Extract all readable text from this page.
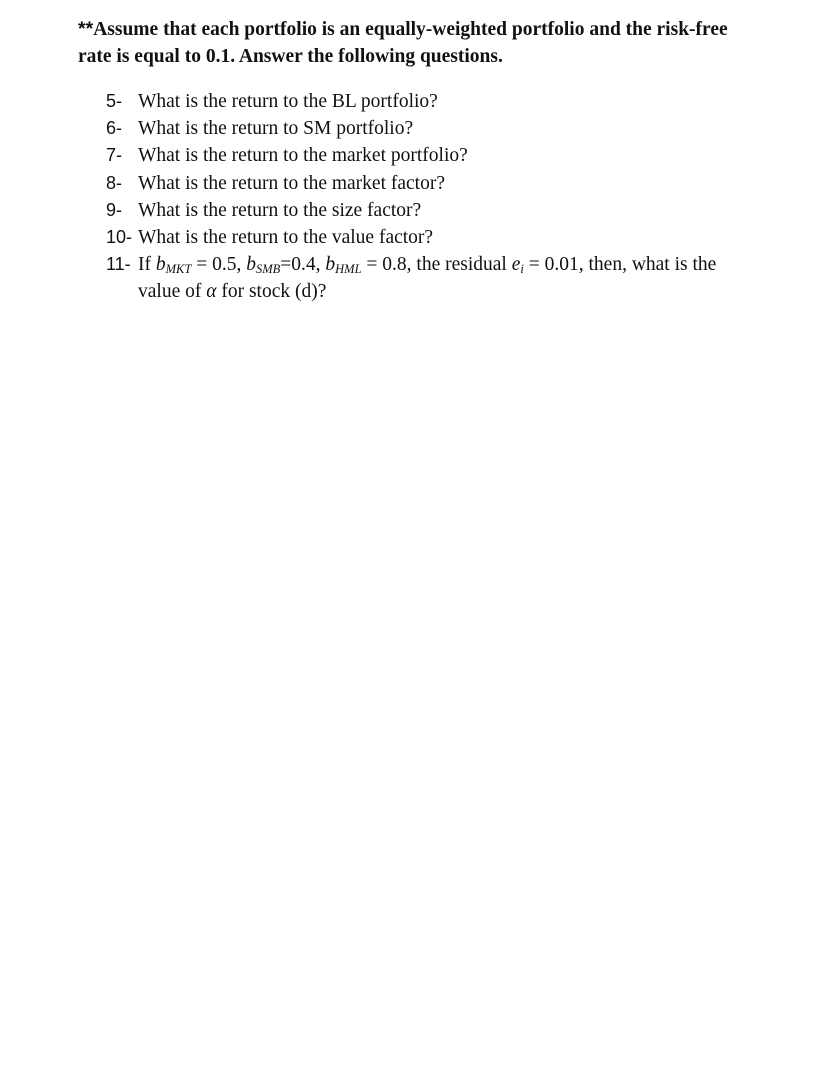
**Assume that each portfolio is an equally-weighted portfolio and the risk-free
rate is equal to 0.1. Answer the following questions.
5- What is the return to the BL portfolio?
6- What is the return to SM portfolio?
7- What is the return to the market portfolio?
8- What is the return to the market factor?
9- What is the return to the size factor?
10- What is the return to the value factor?
11- If $b_{MKT} = 0.5$, $b_{SMB}=0.4$, $b_{HML} = 0.8$, the residual $e_i = 0.01$, then, what is the
value of α for stock (d)?
